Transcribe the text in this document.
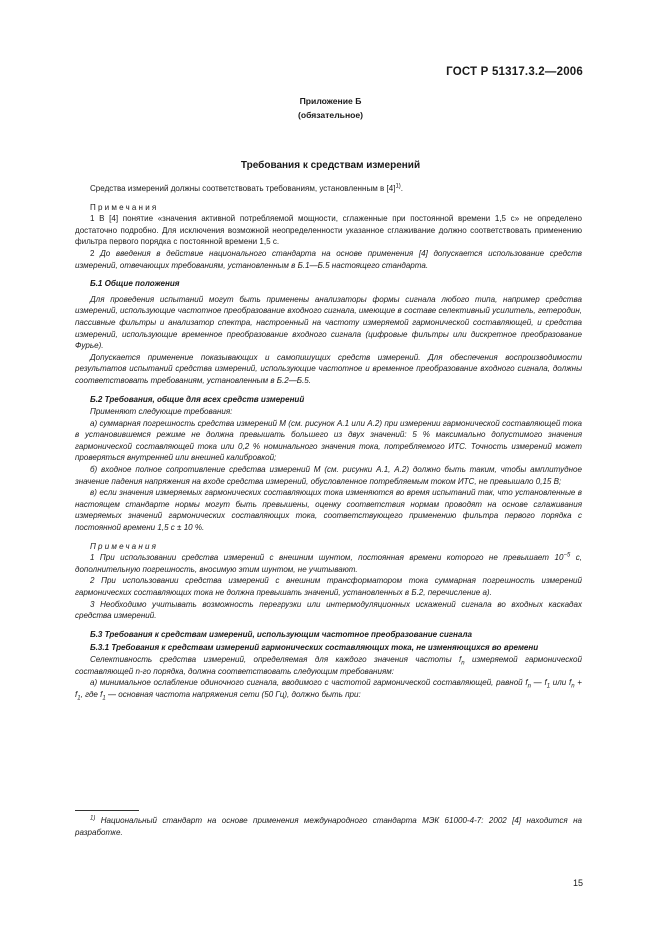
ГОСТ Р 51317.3.2—2006
Приложение Б
(обязательное)
Требования к средствам измерений

Средства измерений должны соответствовать требованиям, установленным в $[4]^{1)}$.

Примечания

1 В [4] понятие «значения активной потребляемой мощности, сглаженные при постоянной времени 1,5 с» не определено достаточно подробно. Для исключения возможной неопределенности указанное сглаживание должно соответствовать применению фильтра первого порядка с постоянной времени 1,5 с.

2 До введения в действие национального стандарта на основе применения [4] допускается использование средств измерений, отвечающих требованиям, установленным в Б.1—Б.5 настоящего стандарта.

Б.1 Общие положения

Для проведения испытаний могут быть применены анализаторы формы сигнала любого типа, например средства измерений, использующие частотное преобразование входного сигнала, имеющие в составе селективный усилитель, гетеродин, пассивные фильтры и анализатор спектра, настроенный на частоту измеряемой гармонической составляющей, и средства измерений, использующие временное преобразование входного сигнала (цифровые фильтры или дискретное преобразование Фурье).

Допускается применение показывающих и самопишущих средств измерений. Для обеспечения воспроизводимости результатов испытаний средства измерений, использующие частотное и временное преобразование входного сигнала, должны соответствовать требованиям, установленным в Б.2—Б.5.

Б.2 Требования, общие для всех средств измерений

Применяют следующие требования:

а) суммарная погрешность средства измерений М (см. рисунок А.1 или А.2) при измерении гармонической составляющей тока в установившемся режиме не должна превышать большего из двух значений: 5 % максимально допустимого значения гармонической составляющей тока или 0,2 % номинального значения тока, потребляемого ИТС. Точность измерений может проверяться внутренней или внешней калибровкой;

б) входное полное сопротивление средства измерений М (см. рисунки А.1, А.2) должно быть таким, чтобы амплитудное значение падения напряжения на входе средства измерений, обусловленное потребляемым током ИТС, не превышало 0,15 В;

в) если значения измеряемых гармонических составляющих тока изменяются во время испытаний так, что установленные в настоящем стандарте нормы могут быть превышены, оценку соответствия нормам проводят на основе сглаживания измеряемых значений гармонических составляющих тока, соответствующего применению фильтра первого порядка с постоянной времени 1,5 с ± 10 %.

Примечания

1 При использовании средства измерений с внешним шунтом, постоянная времени которого не превышает $10^{-5}$ с, дополнительную погрешность, вносимую этим шунтом, не учитывают.

2 При использовании средства измерений с внешним трансформатором тока суммарная погрешность измерений гармонических составляющих тока не должна превышать значений, установленных в Б.2, перечисление а).

3 Необходимо учитывать возможность перегрузки или интермодуляционных искажений сигнала во входных каскадах средства измерений.

Б.3 Требования к средствам измерений, использующим частотное преобразование сигнала

Б.3.1 Требования к средствам измерений гармонических составляющих тока, не изменяющихся во времени

Селективность средства измерений, определяемая для каждого значения частоты $f_n$ измеряемой гармонической составляющей n-го порядка, должна соответствовать следующим требованиям:

а) минимальное ослабление одиночного сигнала, вводимого с частотой гармонической составляющей, равной $f_n$ — $f_1$ или $f_n + f_1$, где $f_1$ — основная частота напряжения сети (50 Гц), должно быть при:

$^{1)}$ Национальный стандарт на основе применения международного стандарта МЭК 61000-4-7: 2002 [4] находится на разработке.
15
